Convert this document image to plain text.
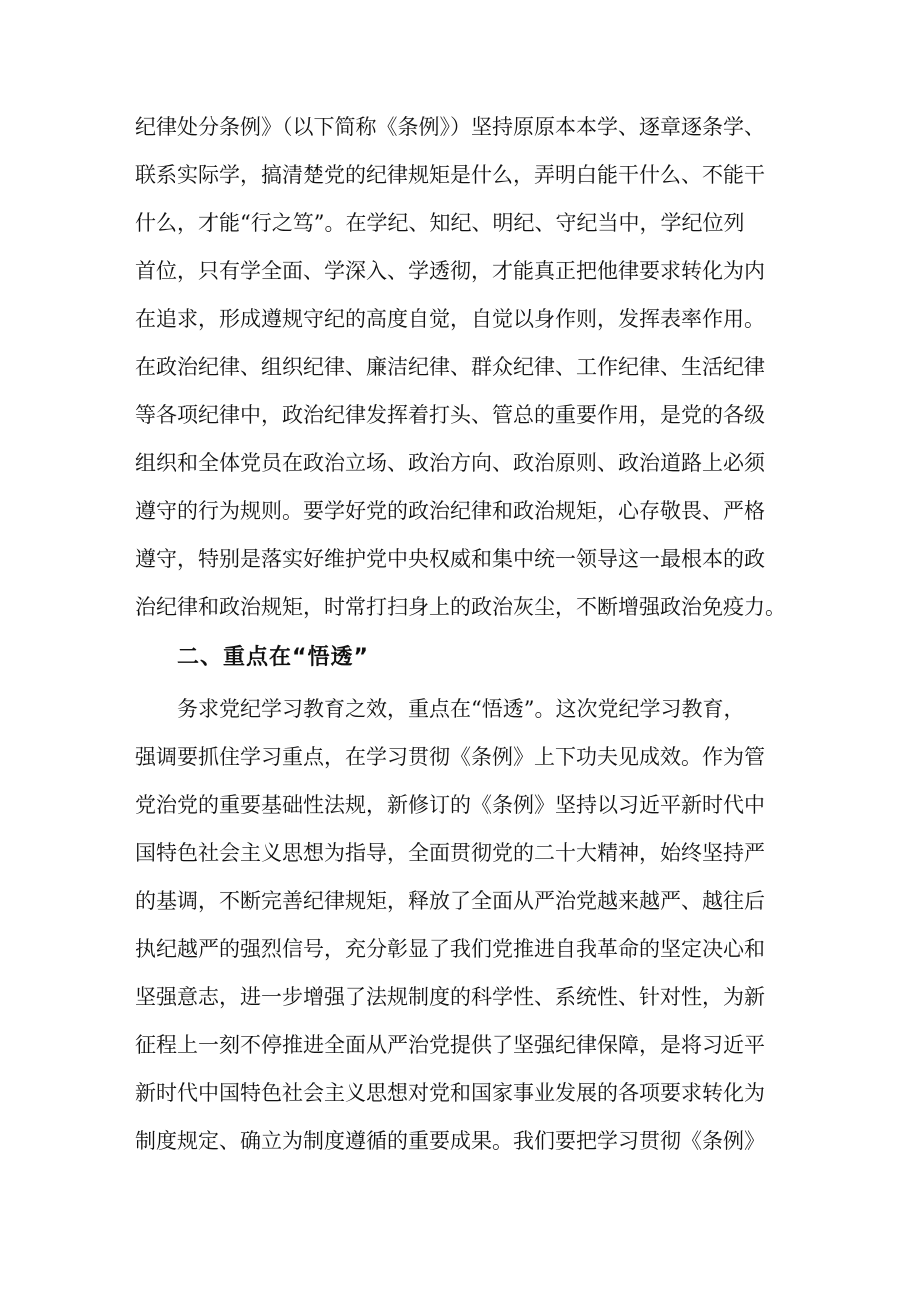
纪律处分条例》（以下简称《条例》）坚持原原本本学、逐章逐条学、
联系实际学，搞清楚党的纪律规矩是什么，弄明白能干什么、不能干
什么，才能“行之笃”。在学纪、知纪、明纪、守纪当中，学纪位列
首位，只有学全面、学深入、学透彻，才能真正把他律要求转化为内
在追求，形成遵规守纪的高度自觉，自觉以身作则，发挥表率作用。
在政治纪律、组织纪律、廉洁纪律、群众纪律、工作纪律、生活纪律
等各项纪律中，政治纪律发挥着打头、管总的重要作用，是党的各级
组织和全体党员在政治立场、政治方向、政治原则、政治道路上必须
遵守的行为规则。要学好党的政治纪律和政治规矩，心存敬畏、严格
遵守，特别是落实好维护党中央权威和集中统一领导这一最根本的政
治纪律和政治规矩，时常打扫身上的政治灰尘，不断增强政治免疫力。
二、重点在“悟透”
务求党纪学习教育之效，重点在“悟透”。这次党纪学习教育，
强调要抓住学习重点，在学习贯彻《条例》上下功夫见成效。作为管
党治党的重要基础性法规，新修订的《条例》坚持以习近平新时代中
国特色社会主义思想为指导，全面贯彻党的二十大精神，始终坚持严
的基调，不断完善纪律规矩，释放了全面从严治党越来越严、越往后
执纪越严的强烈信号，充分彰显了我们党推进自我革命的坚定决心和
坚强意志，进一步增强了法规制度的科学性、系统性、针对性，为新
征程上一刻不停推进全面从严治党提供了坚强纪律保障，是将习近平
新时代中国特色社会主义思想对党和国家事业发展的各项要求转化为
制度规定、确立为制度遵循的重要成果。我们要把学习贯彻《条例》
